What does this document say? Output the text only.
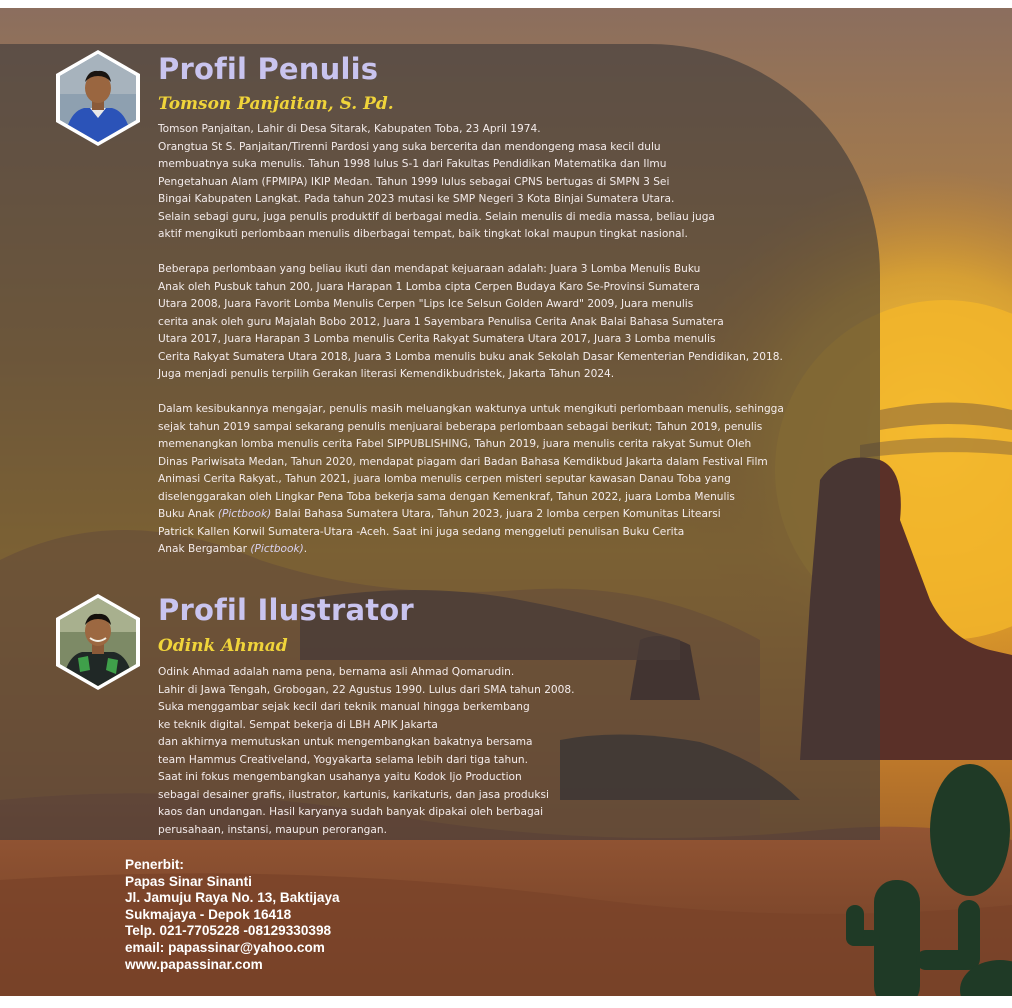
Profil Penulis
Tomson Panjaitan, S. Pd.

Tomson Panjaitan, Lahir di Desa Sitarak, Kabupaten Toba, 23 April 1974.

Orangtua St S. Panjaitan/Tirenni Pardosi yang suka bercerita dan mendongeng masa kecil dulu

membuatnya suka menulis. Tahun 1998 lulus S-1 dari Fakultas Pendidikan Matematika dan Ilmu

Pengetahuan Alam (FPMIPA) IKIP Medan. Tahun 1999 lulus sebagai CPNS bertugas di SMPN 3 Sei

Bingai Kabupaten Langkat. Pada tahun 2023 mutasi ke SMP Negeri 3 Kota Binjai Sumatera Utara.

Selain sebagi guru, juga penulis produktif di berbagai media. Selain menulis di media massa, beliau juga

aktif mengikuti perlombaan menulis diberbagai tempat, baik tingkat lokal maupun tingkat nasional.

Beberapa perlombaan yang beliau ikuti dan mendapat kejuaraan adalah: Juara 3 Lomba Menulis Buku

Anak oleh Pusbuk tahun 200, Juara Harapan 1 Lomba cipta Cerpen Budaya Karo Se-Provinsi Sumatera

Utara 2008, Juara Favorit Lomba Menulis Cerpen "Lips Ice Selsun Golden Award" 2009, Juara menulis

cerita anak oleh guru Majalah Bobo 2012, Juara 1 Sayembara Penulisa Cerita Anak Balai Bahasa Sumatera

Utara 2017, Juara Harapan 3 Lomba menulis Cerita Rakyat Sumatera Utara 2017, Juara 3 Lomba menulis

Cerita Rakyat Sumatera Utara 2018, Juara 3 Lomba menulis buku anak Sekolah Dasar Kementerian Pendidikan, 2018.

Juga menjadi penulis terpilih Gerakan literasi Kemendikbudristek, Jakarta Tahun 2024.

Dalam kesibukannya mengajar, penulis masih meluangkan waktunya untuk mengikuti perlombaan menulis, sehingga

sejak tahun 2019 sampai sekarang penulis menjuarai beberapa perlombaan sebagai berikut; Tahun 2019, penulis

memenangkan lomba menulis cerita Fabel SIPPUBLISHING, Tahun 2019, juara menulis cerita rakyat Sumut Oleh

Dinas Pariwisata Medan, Tahun 2020, mendapat piagam dari Badan Bahasa Kemdikbud Jakarta dalam Festival Film

Animasi Cerita Rakyat., Tahun 2021, juara lomba menulis cerpen misteri seputar kawasan Danau Toba yang

diselenggarakan oleh Lingkar Pena Toba bekerja sama dengan Kemenkraf, Tahun 2022, juara Lomba Menulis

Buku Anak (Pictbook) Balai Bahasa Sumatera Utara, Tahun 2023, juara 2 lomba cerpen Komunitas Litearsi

Patrick Kallen Korwil Sumatera-Utara -Aceh. Saat ini juga sedang menggeluti penulisan Buku Cerita

Anak Bergambar (Pictbook).

Profil Ilustrator
Odink Ahmad

Odink Ahmad adalah nama pena, bernama asli Ahmad Qomarudin.

Lahir di Jawa Tengah, Grobogan, 22 Agustus 1990. Lulus dari SMA tahun 2008.

Suka menggambar sejak kecil dari teknik manual hingga berkembang

ke teknik digital. Sempat bekerja di LBH APIK Jakarta

dan akhirnya memutuskan untuk mengembangkan bakatnya bersama

team Hammus Creativeland, Yogyakarta selama lebih dari tiga tahun.

Saat ini fokus mengembangkan usahanya yaitu Kodok Ijo Production

sebagai desainer grafis, ilustrator, kartunis, karikaturis, dan jasa produksi

kaos dan undangan. Hasil karyanya sudah banyak dipakai oleh berbagai

perusahaan, instansi, maupun perorangan.

Penerbit:
Papas Sinar Sinanti
Jl. Jamuju Raya No. 13, Baktijaya
Sukmajaya - Depok 16418
Telp. 021-7705228 -08129330398
email: papassinar@yahoo.com
www.papassinar.com
